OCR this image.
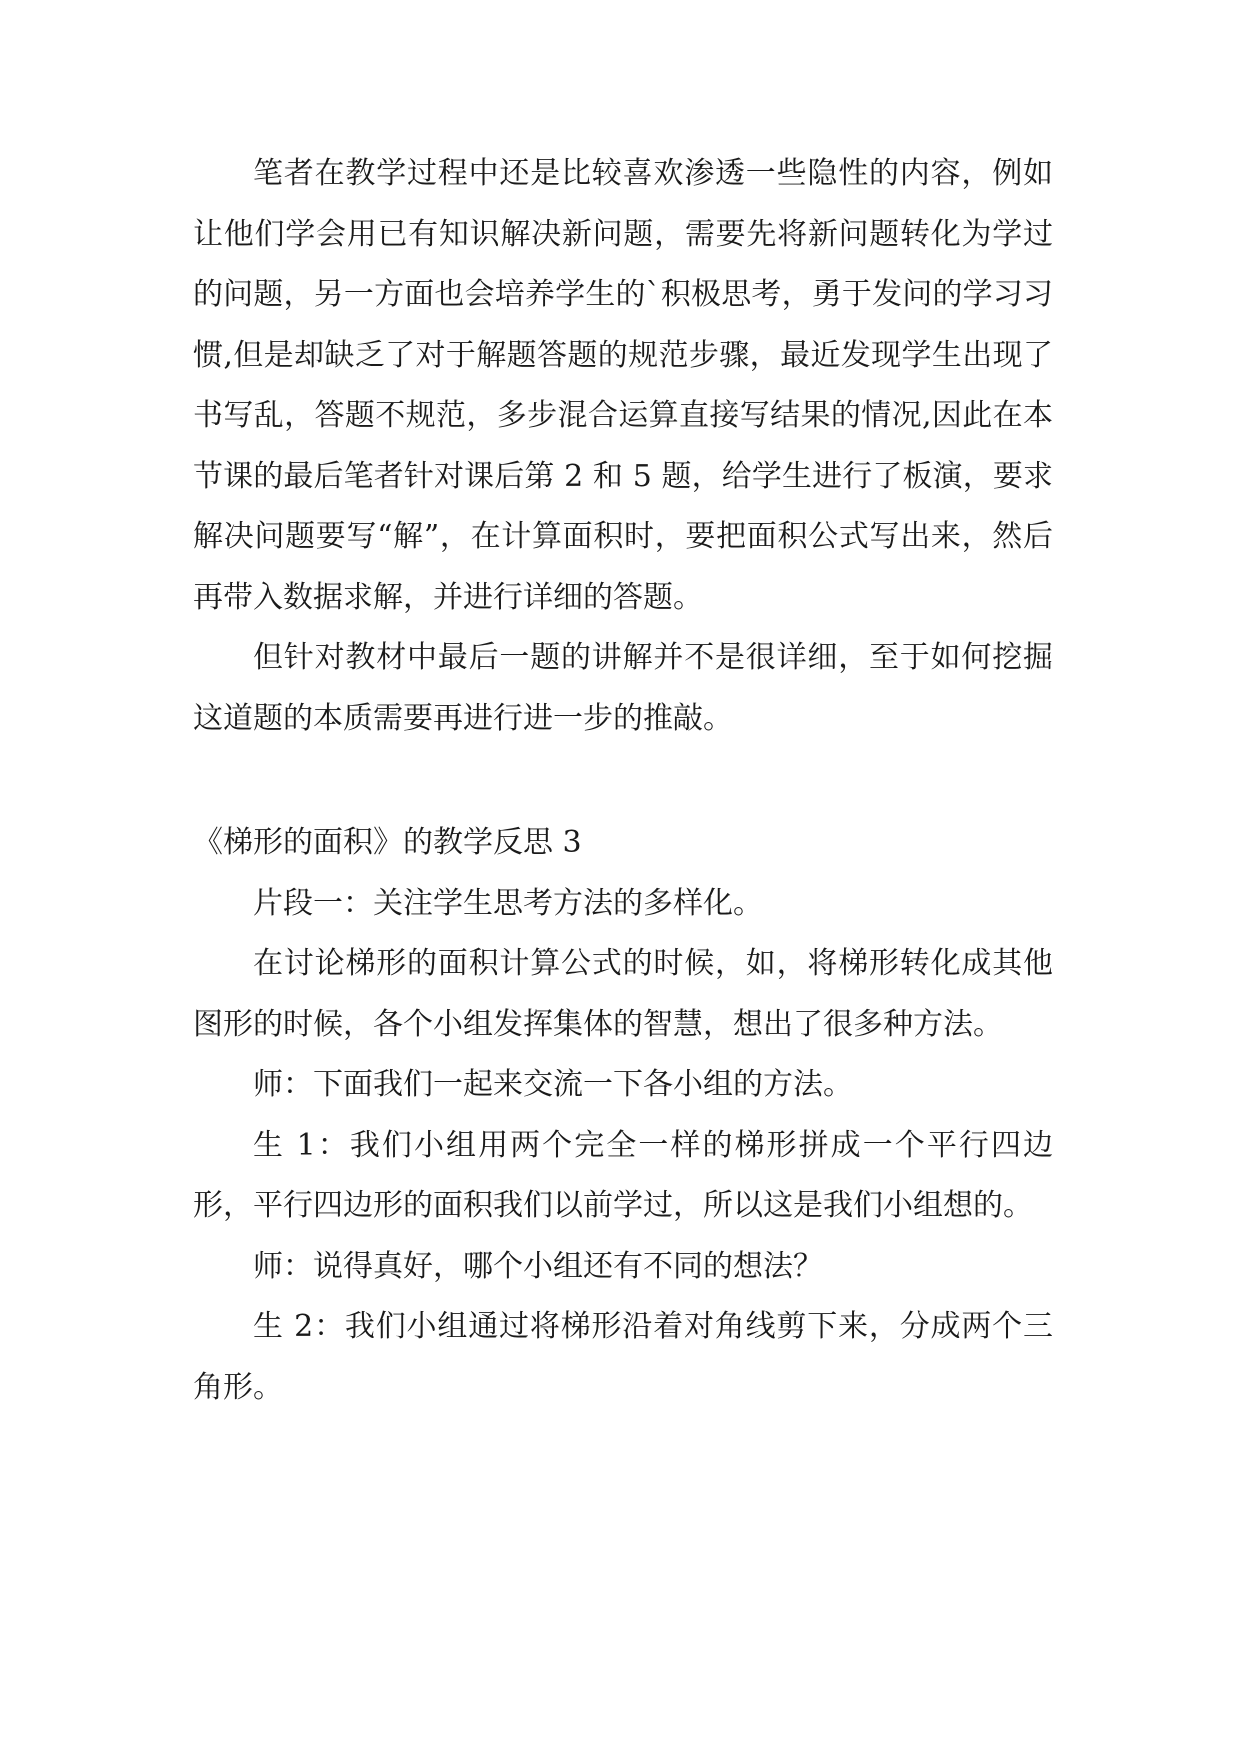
笔者在教学过程中还是比较喜欢渗透一些隐性的内容，例如让他们学会用已有知识解决新问题，需要先将新问题转化为学过的问题，另一方面也会培养学生的`积极思考，勇于发问的学习习惯,但是却缺乏了对于解题答题的规范步骤，最近发现学生出现了书写乱，答题不规范，多步混合运算直接写结果的情况,因此在本节课的最后笔者针对课后第 2 和 5 题，给学生进行了板演，要求解决问题要写“解”，在计算面积时，要把面积公式写出来，然后再带入数据求解，并进行详细的答题。

但针对教材中最后一题的讲解并不是很详细，至于如何挖掘这道题的本质需要再进行进一步的推敲。

《梯形的面积》的教学反思 3

片段一：关注学生思考方法的多样化。

在讨论梯形的面积计算公式的时候，如，将梯形转化成其他图形的时候，各个小组发挥集体的智慧，想出了很多种方法。

师：下面我们一起来交流一下各小组的方法。

生 1：我们小组用两个完全一样的梯形拼成一个平行四边形，平行四边形的面积我们以前学过，所以这是我们小组想的。

师：说得真好，哪个小组还有不同的想法？

生 2：我们小组通过将梯形沿着对角线剪下来，分成两个三角形。
